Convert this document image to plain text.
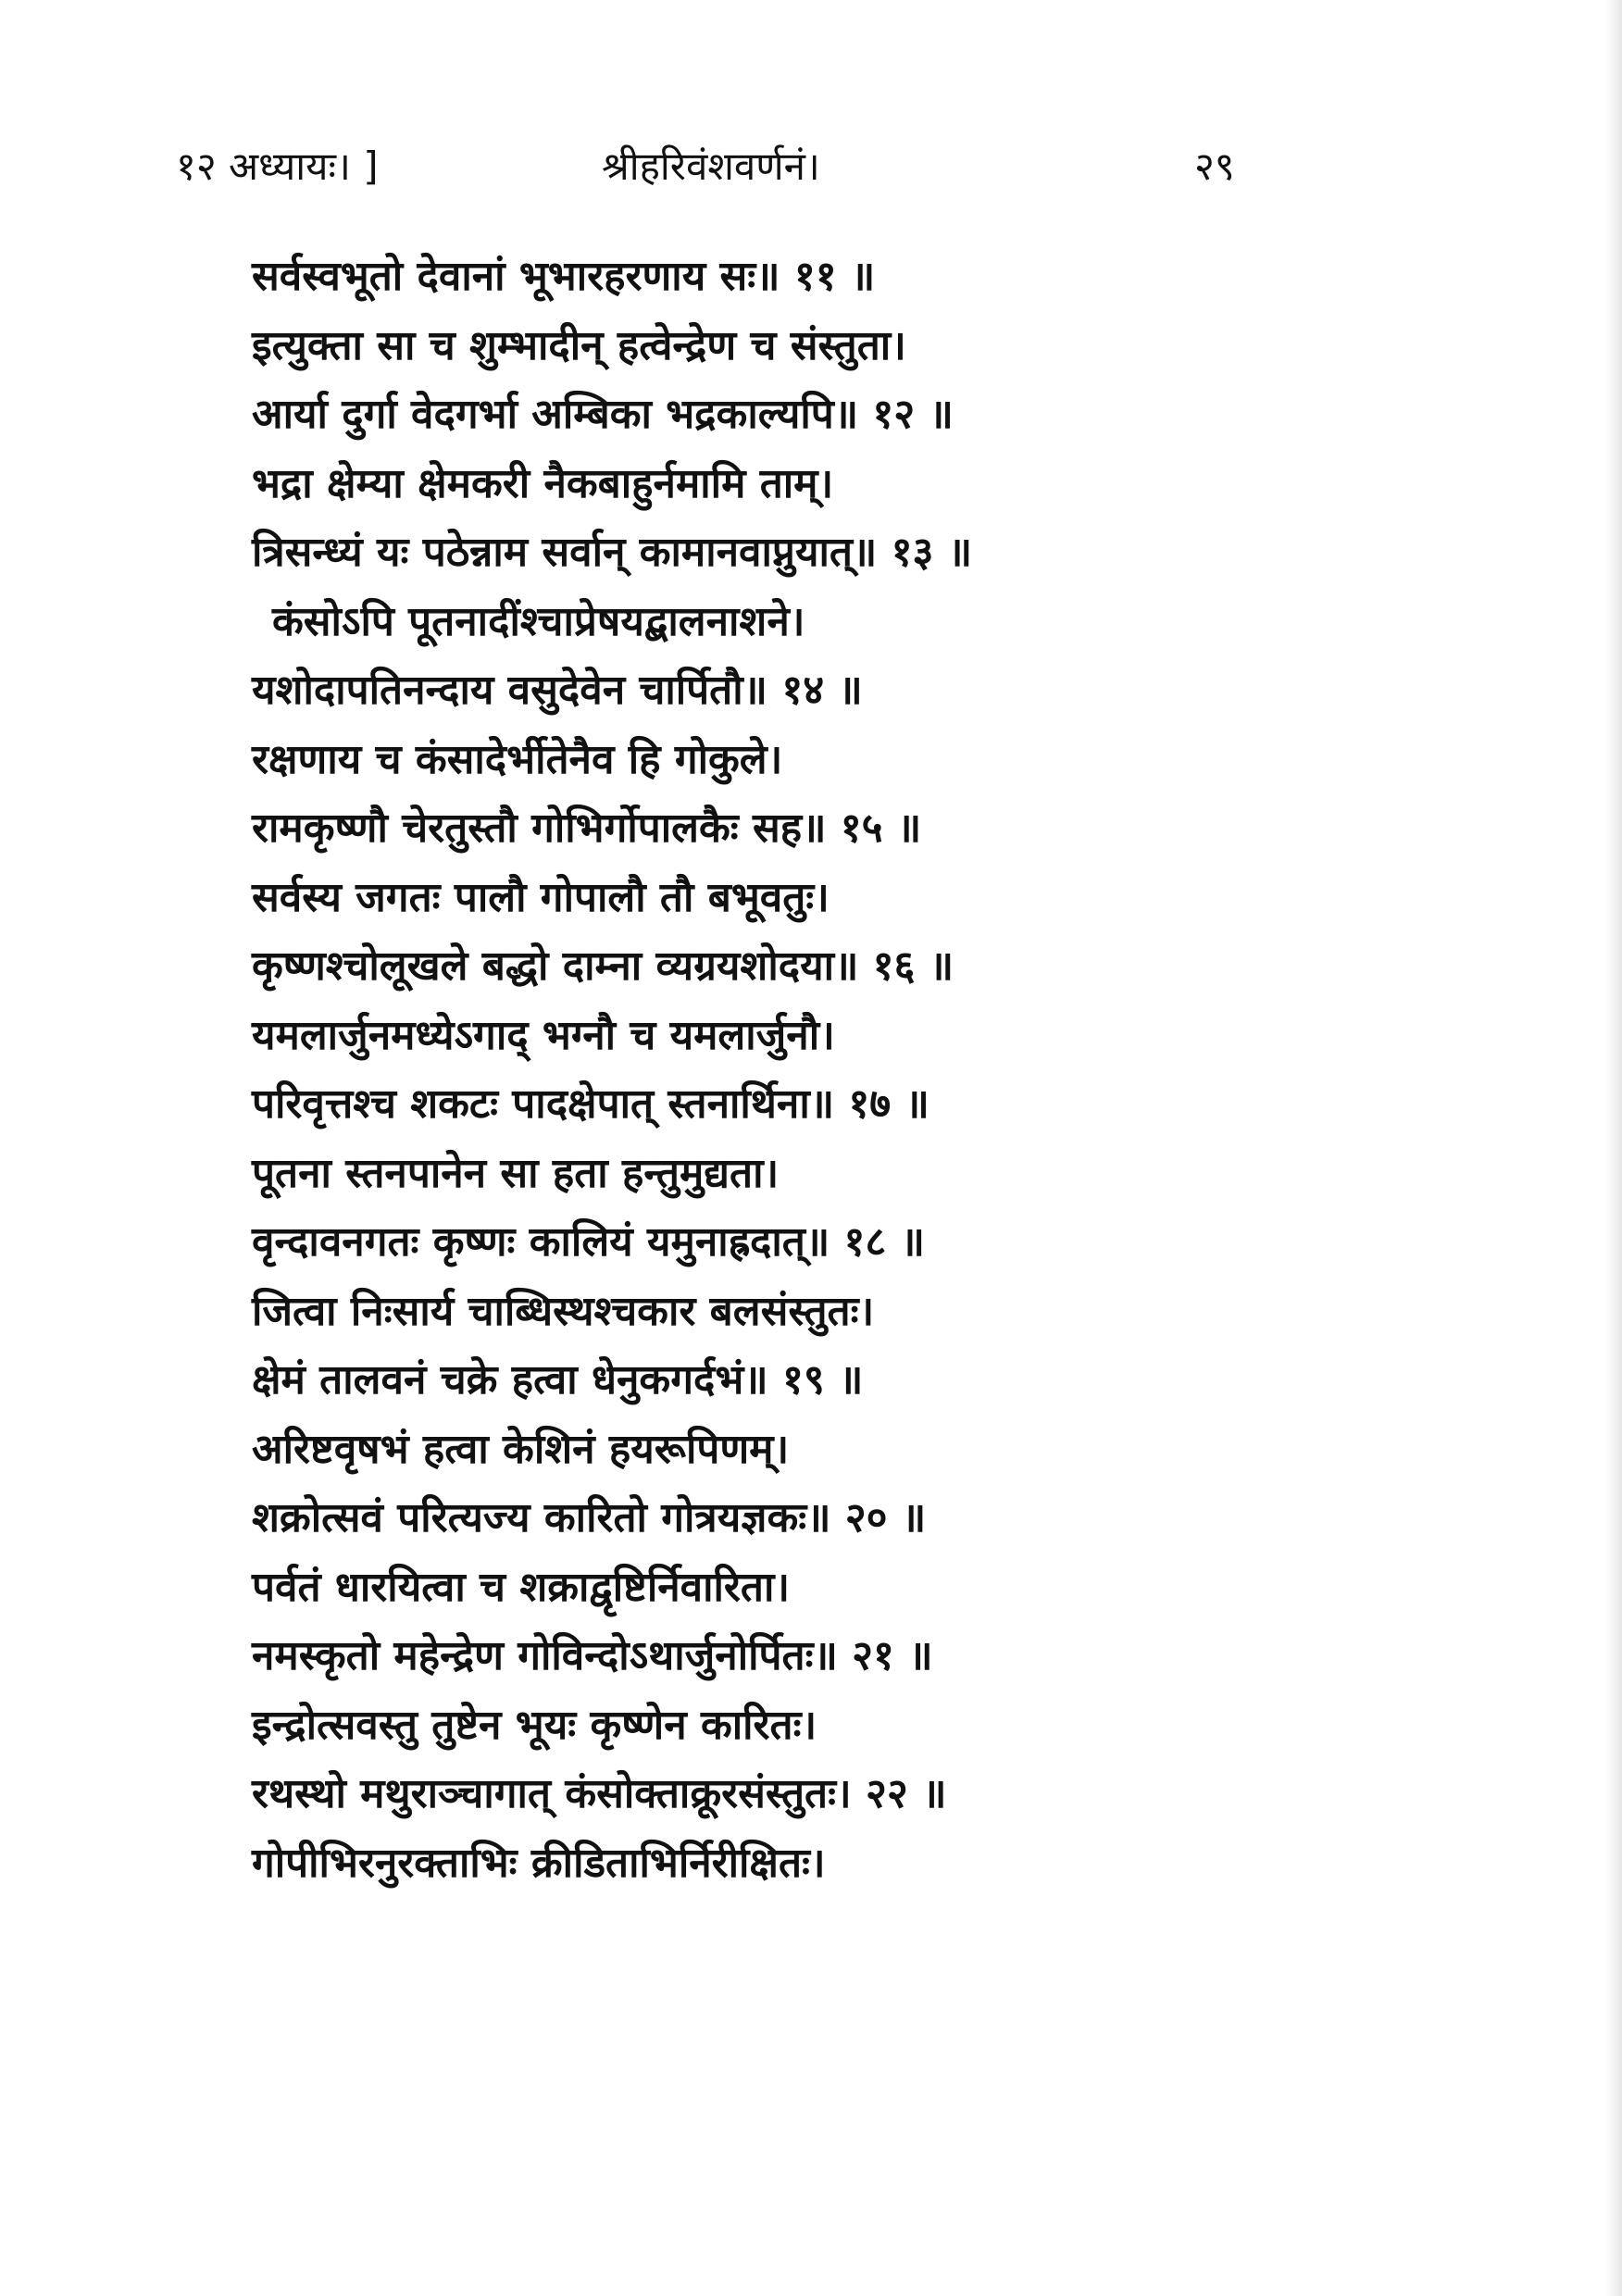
१२ अध्यायः। ]	श्रीहरिवंशवर्णनं।	२९
सर्वस्वभूतो देवानां भूभारहरणाय सः॥ ११ ॥
इत्युक्ता सा च शुम्भादीन् हत्वेन्द्रेण च संस्तुता।
आर्या दुर्गा वेदगर्भा अम्बिका भद्रकाल्यपि॥ १२ ॥
भद्रा क्षेम्या क्षेमकरी नैकबाहुर्नमामि ताम्।
त्रिसन्ध्यं यः पठेन्नाम सर्वान् कामानवाप्नुयात्॥ १३ ॥
कंसोऽपि पूतनादींश्चाप्रेषयद्बालनाशने।
यशोदापतिनन्दाय वसुदेवेन चार्पितौ॥ १४ ॥
रक्षणाय च कंसादेर्भीतेनैव हि गोकुले।
रामकृष्णौ चेरतुस्तौ गोभिर्गोपालकैः सह॥ १५ ॥
सर्वस्य जगतः पालौ गोपालौ तौ बभूवतुः।
कृष्णश्चोलूखले बद्धो दाम्ना व्यग्रयशोदया॥ १६ ॥
यमलार्जुनमध्येऽगाद् भग्नौ च यमलार्जुनौ।
परिवृत्तश्च शकटः पादक्षेपात् स्तनार्थिना॥ १७ ॥
पूतना स्तनपानेन सा हता हन्तुमुद्यता।
वृन्दावनगतः कृष्णः कालियं यमुनाह्रदात्॥ १८ ॥
जित्वा निःसार्य चाब्धिस्थश्चकार बलसंस्तुतः।
क्षेमं तालवनं चक्रे हत्वा धेनुकगर्दभं॥ १९ ॥
अरिष्टवृषभं हत्वा केशिनं हयरूपिणम्।
शक्रोत्सवं परित्यज्य कारितो गोत्रयज्ञकः॥ २० ॥
पर्वतं धारयित्वा च शक्राद्वृष्टिर्निवारिता।
नमस्कृतो महेन्द्रेण गोविन्दोऽथार्जुनोर्पितः॥ २१ ॥
इन्द्रोत्सवस्तु तुष्टेन भूयः कृष्णेन कारितः।
रथस्थो मथुराञ्चागात् कंसोक्ताक्रूरसंस्तुतः। २२ ॥
गोपीभिरनुरक्ताभिः क्रीडिताभिर्निरीक्षितः।
